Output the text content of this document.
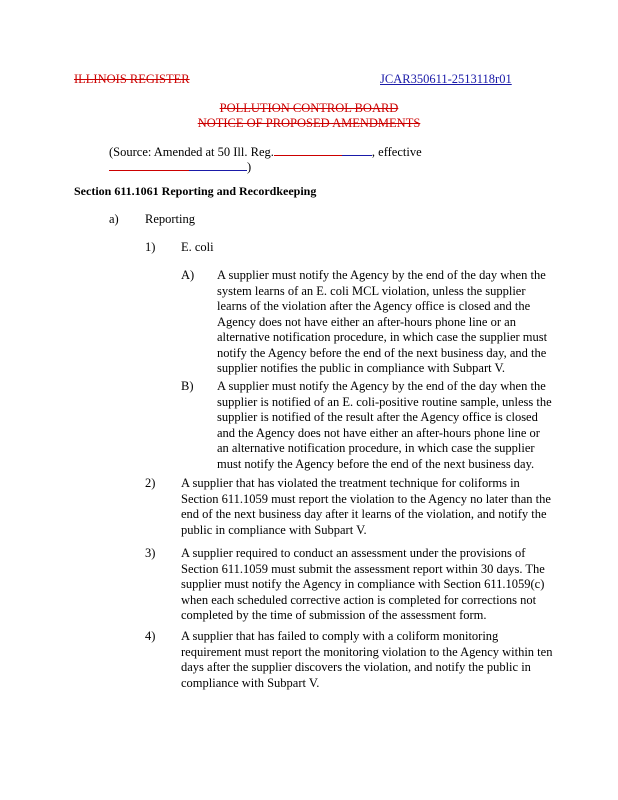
ILLINOIS REGISTER	JCAR350611-2513118r01
POLLUTION CONTROL BOARD
NOTICE OF PROPOSED AMENDMENTS
(Source: Amended at 50 Ill. Reg.	, effective
)
Section 611.1061 Reporting and Recordkeeping
a) Reporting
1) E. coli
A) A supplier must notify the Agency by the end of the day when the
system learns of an E. coli MCL violation, unless the supplier
learns of the violation after the Agency office is closed and the
Agency does not have either an after-hours phone line or an
alternative notification procedure, in which case the supplier must
notify the Agency before the end of the next business day, and the
supplier notifies the public in compliance with Subpart V.
B) A supplier must notify the Agency by the end of the day when the
supplier is notified of an E. coli-positive routine sample, unless the
supplier is notified of the result after the Agency office is closed
and the Agency does not have either an after-hours phone line or
an alternative notification procedure, in which case the supplier
must notify the Agency before the end of the next business day.
2) A supplier that has violated the treatment technique for coliforms in
Section 611.1059 must report the violation to the Agency no later than the
end of the next business day after it learns of the violation, and notify the
public in compliance with Subpart V.
3) A supplier required to conduct an assessment under the provisions of
Section 611.1059 must submit the assessment report within 30 days. The
supplier must notify the Agency in compliance with Section 611.1059(c)
when each scheduled corrective action is completed for corrections not
completed by the time of submission of the assessment form.
4) A supplier that has failed to comply with a coliform monitoring
requirement must report the monitoring violation to the Agency within ten
days after the supplier discovers the violation, and notify the public in
compliance with Subpart V.
